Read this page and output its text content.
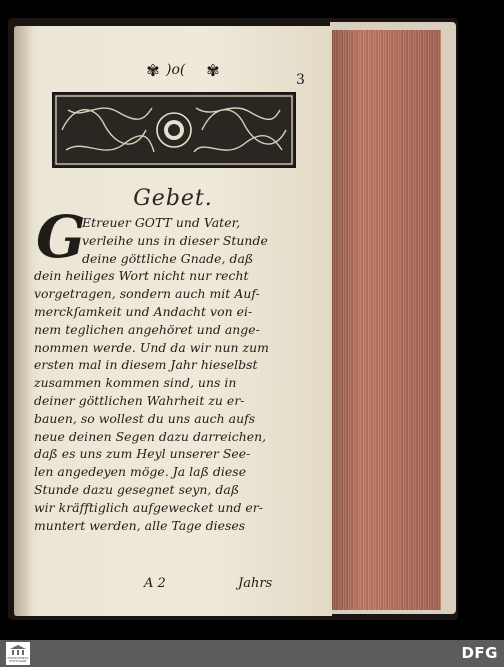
✾ )o( ✾	3
Gebet.
G
Etreuer GOTT und Vater,
verleihe uns in dieser Stunde
deine göttliche Gnade, daß
dein heiliges Wort nicht nur recht
vorgetragen, sondern auch mit Auf-
merckſamkeit und Andacht von ei-
nem teglichen angehöret und ange-
nommen werde. Und da wir nun zum
ersten mal in diesem Jahr hieselbst
zusammen kommen sind, uns in
deiner göttlichen Wahrheit zu er-
bauen, so wollest du uns auch aufs
neue deinen Segen dazu darreichen,
daß es uns zum Heyl unserer See-
len angedeyen möge. Ja laß diese
Stunde dazu gesegnet seyn, daß
wir kräfftiglich aufgewecket und er-
muntert werden, alle Tage dieses
A 2	Jahrs
FORSCHUNGS STUTTGART	DFG
